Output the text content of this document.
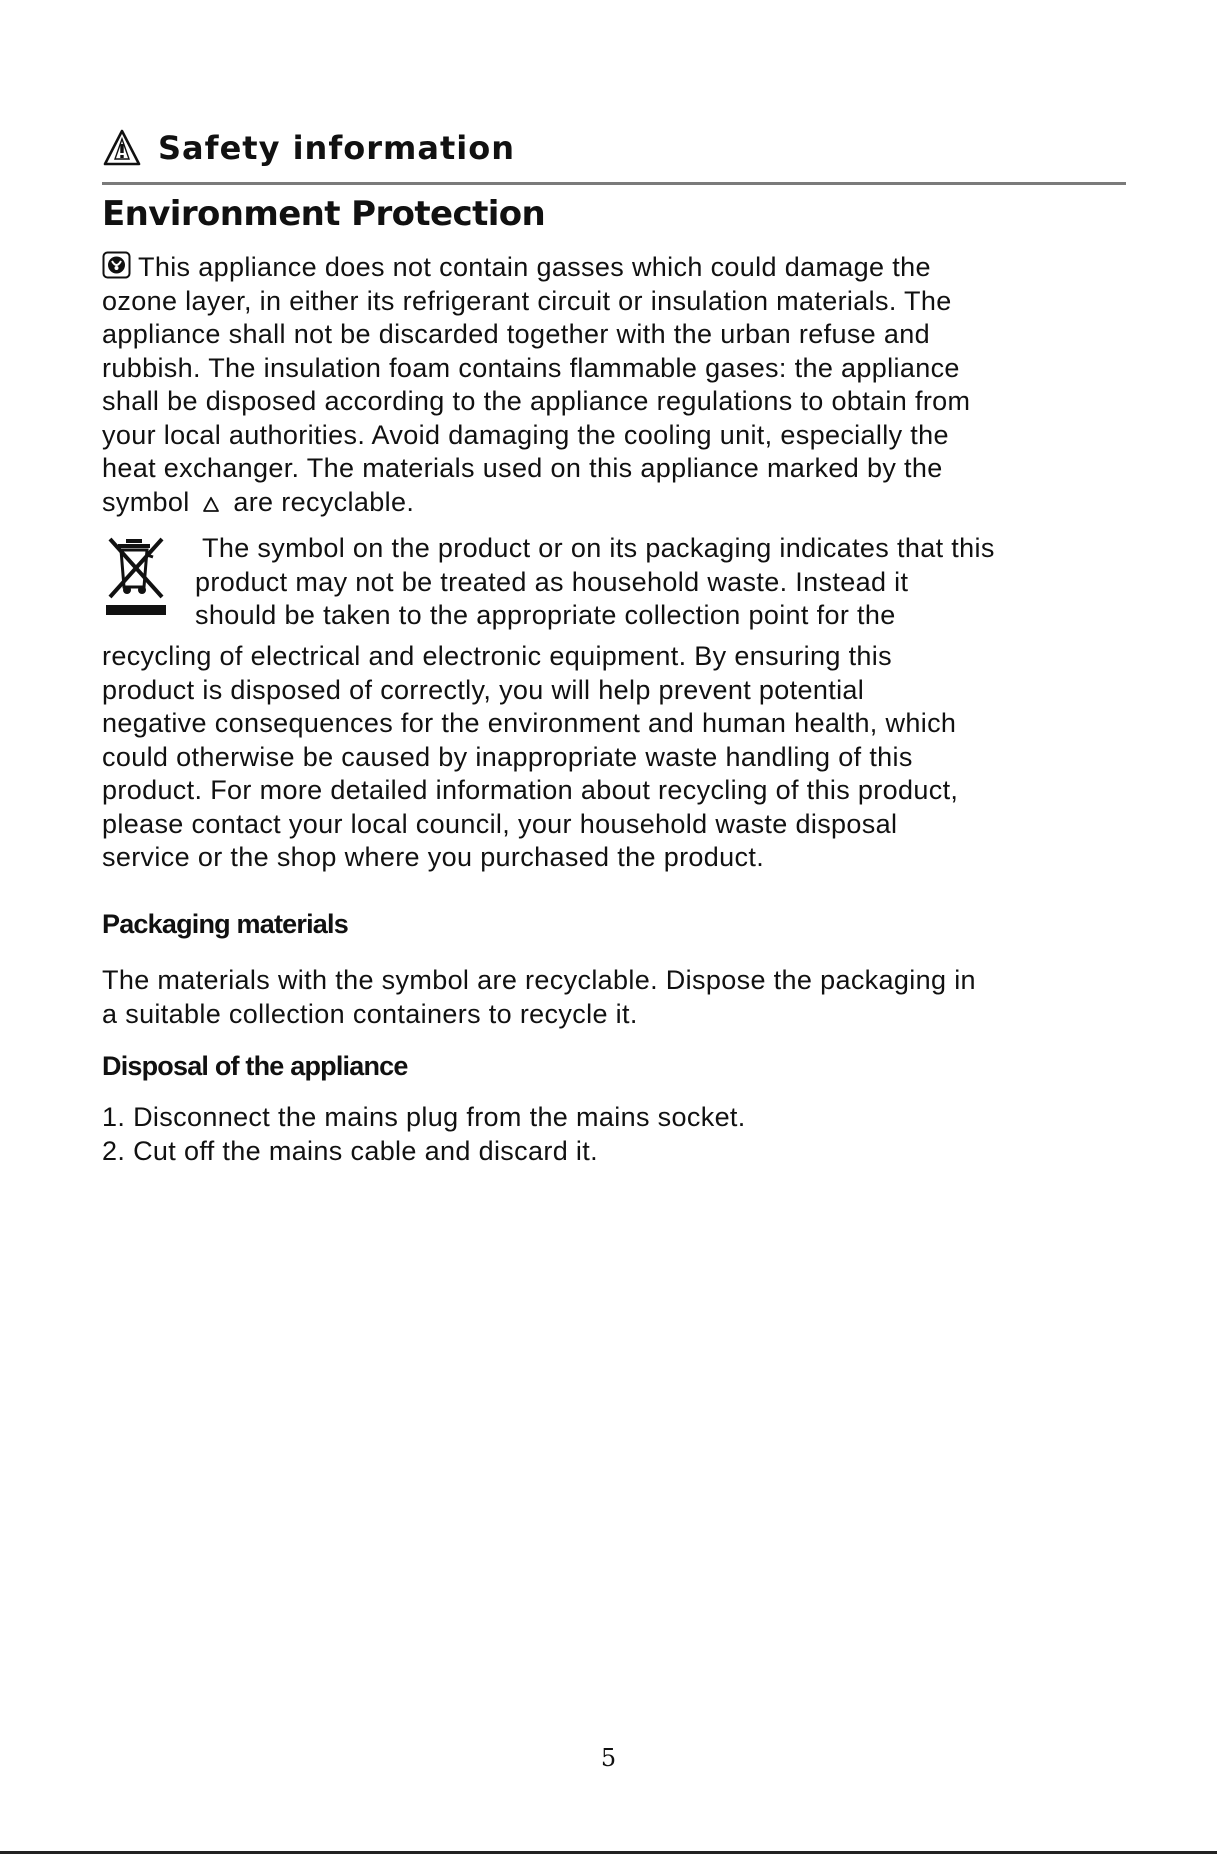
Safety information
Environment Protection
This appliance does not contain gasses which could damage the
ozone layer, in either its refrigerant circuit or insulation materials. The
appliance shall not be discarded together with the urban refuse and
rubbish. The insulation foam contains flammable gases: the appliance
shall be disposed according to the appliance regulations to obtain from
your local authorities. Avoid damaging the cooling unit, especially the
heat exchanger. The materials used on this appliance marked by the
symbol are recyclable.
The symbol on the product or on its packaging indicates that this
product may not be treated as household waste. Instead it
should be taken to the appropriate collection point for the
recycling of electrical and electronic equipment. By ensuring this
product is disposed of correctly, you will help prevent potential
negative consequences for the environment and human health, which
could otherwise be caused by inappropriate waste handling of this
product. For more detailed information about recycling of this product,
please contact your local council, your household waste disposal
service or the shop where you purchased the product.
Packaging materials
The materials with the symbol are recyclable. Dispose the packaging in
a suitable collection containers to recycle it.
Disposal of the appliance
1. Disconnect the mains plug from the mains socket.
2. Cut off the mains cable and discard it.
5
